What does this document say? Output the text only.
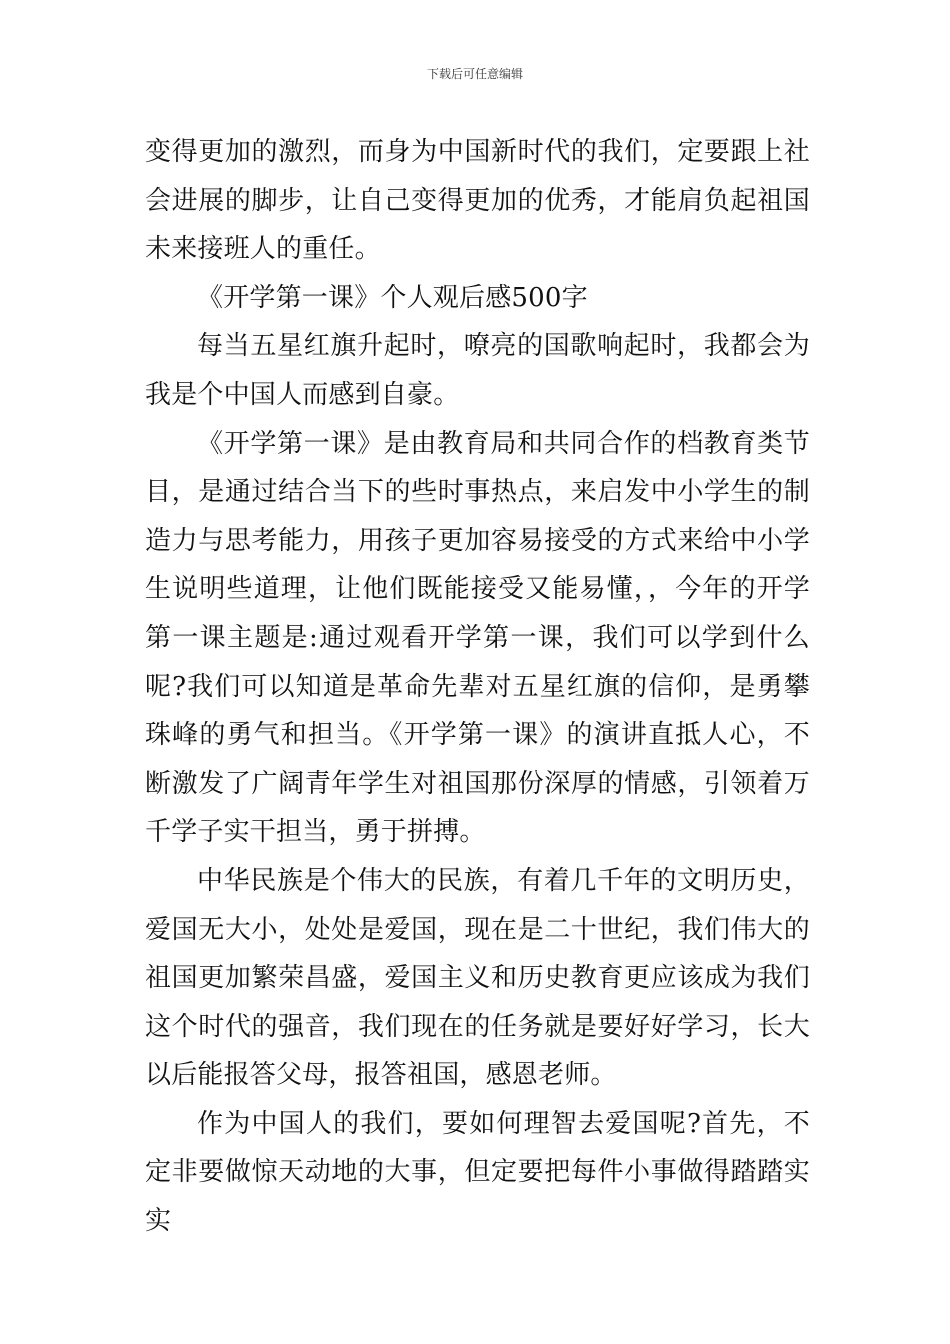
下载后可任意编辑

变得更加的激烈，而身为中国新时代的我们，定要跟上社会进展的脚步，让自己变得更加的优秀，才能肩负起祖国未来接班人的重任。

《开学第一课》个人观后感500字

每当五星红旗升起时，嘹亮的国歌响起时，我都会为我是个中国人而感到自豪。

《开学第一课》是由教育局和共同合作的档教育类节目，是通过结合当下的些时事热点，来启发中小学生的制造力与思考能力，用孩子更加容易接受的方式来给中小学生说明些道理，让他们既能接受又能易懂，，今年的开学第一课主题是:通过观看开学第一课，我们可以学到什么呢?我们可以知道是革命先辈对五星红旗的信仰，是勇攀珠峰的勇气和担当。《开学第一课》的演讲直抵人心，不断激发了广阔青年学生对祖国那份深厚的情感，引领着万千学子实干担当，勇于拼搏。

中华民族是个伟大的民族，有着几千年的文明历史，爱国无大小，处处是爱国，现在是二十世纪，我们伟大的祖国更加繁荣昌盛，爱国主义和历史教育更应该成为我们这个时代的强音，我们现在的任务就是要好好学习，长大以后能报答父母，报答祖国，感恩老师。

作为中国人的我们，要如何理智去爱国呢?首先，不定非要做惊天动地的大事，但定要把每件小事做得踏踏实实
